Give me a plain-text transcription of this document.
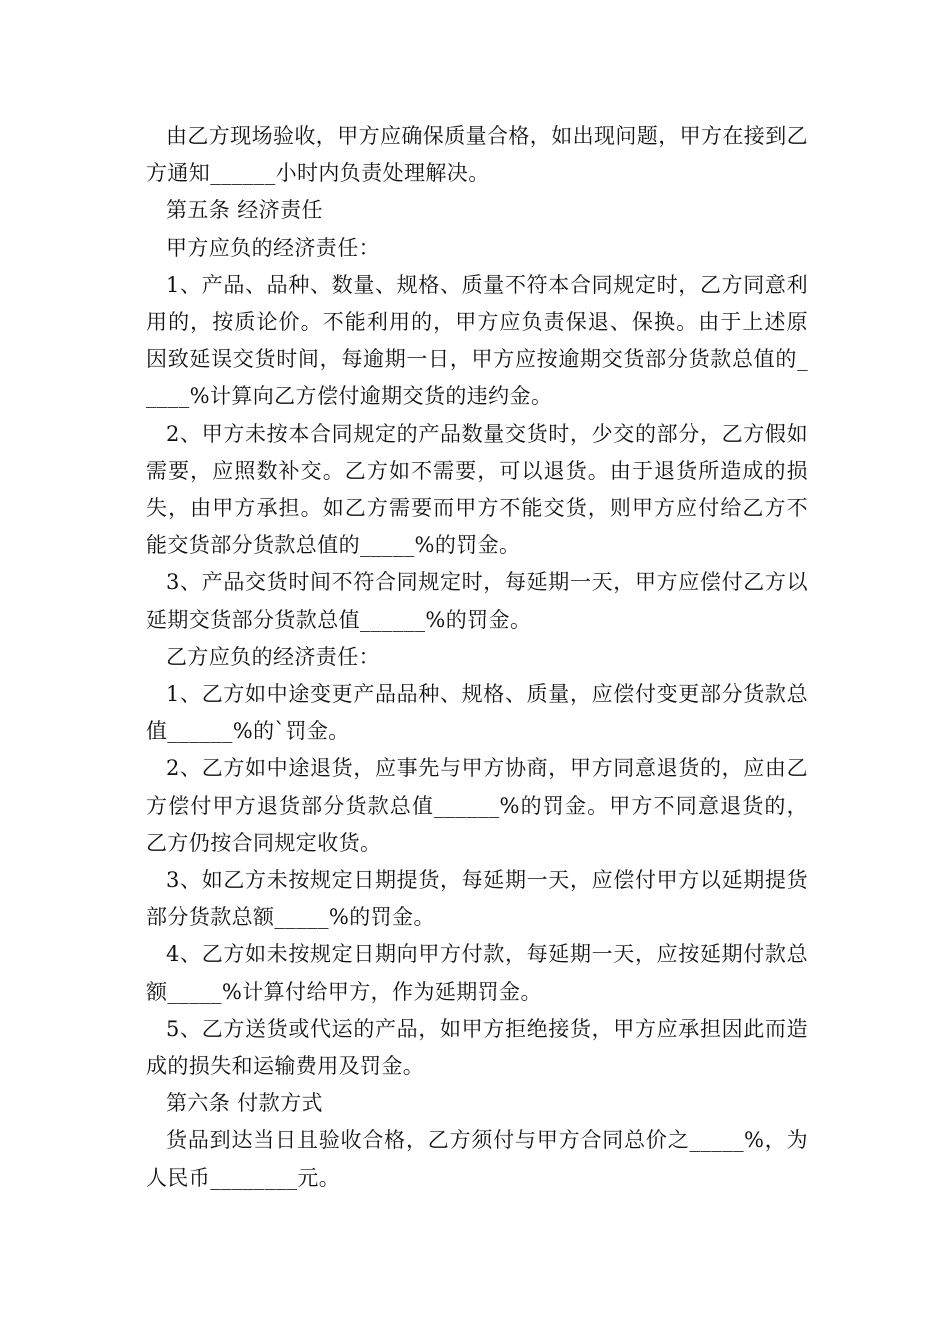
由乙方现场验收，甲方应确保质量合格，如出现问题，甲方在接到乙方通知______小时内负责处理解决。

第五条 经济责任

甲方应负的经济责任：

1、产品、品种、数量、规格、质量不符本合同规定时，乙方同意利用的，按质论价。不能利用的，甲方应负责保退、保换。由于上述原因致延误交货时间，每逾期一日，甲方应按逾期交货部分货款总值的_____%计算向乙方偿付逾期交货的违约金。

2、甲方未按本合同规定的产品数量交货时，少交的部分，乙方假如需要，应照数补交。乙方如不需要，可以退货。由于退货所造成的损失，由甲方承担。如乙方需要而甲方不能交货，则甲方应付给乙方不能交货部分货款总值的_____%的罚金。

3、产品交货时间不符合同规定时，每延期一天，甲方应偿付乙方以延期交货部分货款总值______%的罚金。

乙方应负的经济责任：

1、乙方如中途变更产品品种、规格、质量，应偿付变更部分货款总值______%的`罚金。

2、乙方如中途退货，应事先与甲方协商，甲方同意退货的，应由乙方偿付甲方退货部分货款总值______%的罚金。甲方不同意退货的，乙方仍按合同规定收货。

3、如乙方未按规定日期提货，每延期一天，应偿付甲方以延期提货部分货款总额_____%的罚金。

4、乙方如未按规定日期向甲方付款，每延期一天，应按延期付款总额_____%计算付给甲方，作为延期罚金。

5、乙方送货或代运的产品，如甲方拒绝接货，甲方应承担因此而造成的损失和运输费用及罚金。

第六条 付款方式

货品到达当日且验收合格，乙方须付与甲方合同总价之_____%，为人民币________元。
